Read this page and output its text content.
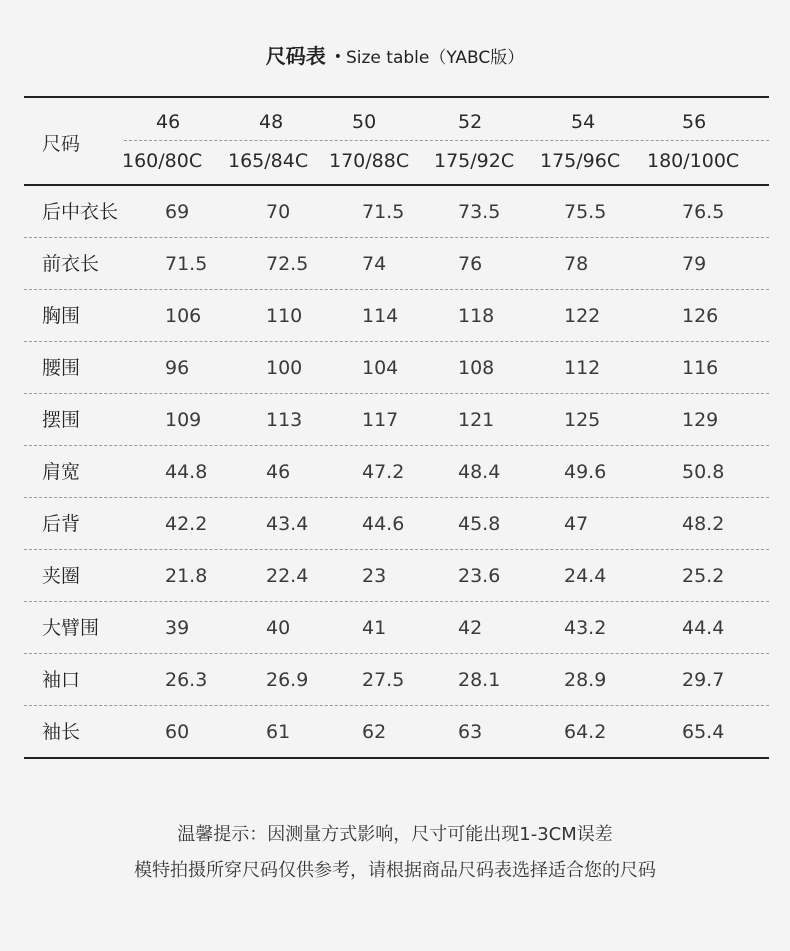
尺码表 • Size table（YABC版）
尺码
46	48	50	52	54	56
160/80C 165/84C 170/88C 175/92C 175/96C 180/100C
后中衣长 69	70	71.5	73.5	75.5	76.5
前衣长	71.5	72.5	74	76	78	79
胸围	106	110	114	118	122	126
腰围	96	100	104	108	112	116
摆围	109	113	117	121	125	129
肩宽	44.8	46	47.2	48.4	49.6	50.8
后背	42.2	43.4	44.6	45.8	47	48.2
夹圈	21.8	22.4	23	23.6	24.4	25.2
大臂围	39	40	41	42	43.2	44.4
袖口	26.3	26.9	27.5	28.1	28.9	29.7
袖长	60	61	62	63	64.2	65.4
温馨提示：因测量方式影响，尺寸可能出现1-3CM误差
模特拍摄所穿尺码仅供参考，请根据商品尺码表选择适合您的尺码
